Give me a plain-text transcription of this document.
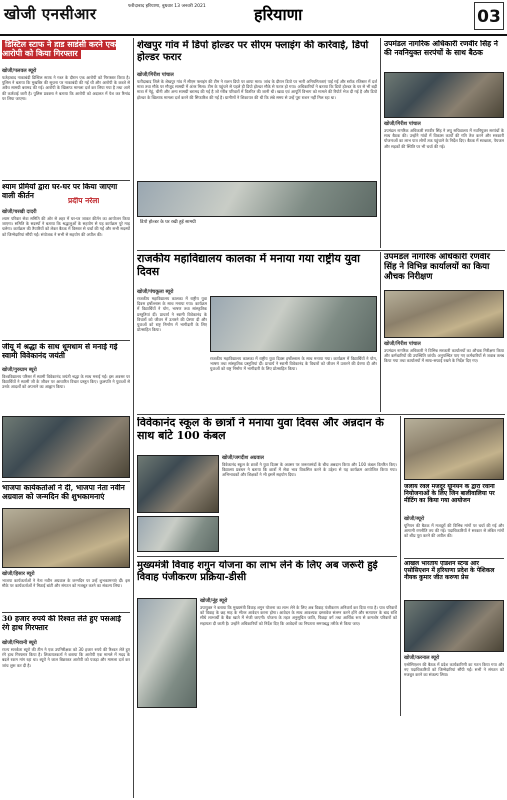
खोजी एनसीआर	फरीदाबाद हरियाणा, बुधवार 13 जनवरी 2021	हरियाणा	03
डिस्टिल स्टाफ ने हाइ साइंसी करने एक आरोपी को किया गिरफ्तार
खोजी/पलवल ब्यूरो
फतेहाबाद नाकाबंदी डिस्टिल स्टाफ ने गश्त के दौरान एक आरोपी को गिरफ्तार किया है। पुलिस ने बताया कि मुखबिर की सूचना पर नाकाबंदी की गई थी और आरोपी के कब्जे से अवैध सामग्री बरामद की गई। आरोपी के खिलाफ मामला दर्ज कर लिया गया है तथा आगे की कार्रवाई जारी है। पुलिस प्रवक्ता ने बताया कि आरोपी को अदालत में पेश कर रिमांड पर लिया जाएगा।
श्याम प्रेमियों द्वारा घर-घर पर किया जाएगा वाली कीर्तन
प्रदीप नरेला
खोजी/चरखी दादरी
श्याम परिवार सेवा समिति की ओर से शहर में घर-घर जाकर कीर्तन का आयोजन किया जाएगा। समिति के सदस्यों ने बताया कि श्रद्धालुओं के सहयोग से यह कार्यक्रम पूरे माह चलेगा। कार्यक्रम की तैयारियों को लेकर बैठक में विस्तार से चर्चा की गई और सभी सदस्यों को जिम्मेदारियां सौंपी गईं। संयोजक ने सभी से सहयोग की अपील की।
जीयू में श्रद्धा के साथ धूमधाम से मनाई गई स्वामी विवेकानंद जयंती
खोजी/गुरुग्राम ब्यूरो
विश्वविद्यालय परिसर में स्वामी विवेकानंद जयंती श्रद्धा के साथ मनाई गई। इस अवसर पर विद्यार्थियों ने स्वामी जी के जीवन पर आधारित विचार प्रस्तुत किए। कुलपति ने युवाओं से उनके आदर्शों को अपनाने का आह्वान किया।
भाजपा कार्यकर्ताओं ने दी, भाजपा नेता नवीन अग्रवाल को जन्मदिन की शुभकामनाएं
खोजी/हिसार ब्यूरो
भाजपा कार्यकर्ताओं ने नेता नवीन अग्रवाल के जन्मदिन पर उन्हें शुभकामनाएं दीं। इस मौके पर कार्यकर्ताओं ने मिठाई बांटी और संगठन को मजबूत करने का संकल्प लिया।
30 हजार रुपये की रिश्वत लेते हुए पसआई रंगे हाथ गिरफ्तार
खोजी/भिवानी ब्यूरो
राज्य सतर्कता ब्यूरो की टीम ने एक उपनिरीक्षक को 30 हजार रुपये की रिश्वत लेते हुए रंगे हाथ गिरफ्तार किया है। शिकायतकर्ता ने बताया कि आरोपी एक मामले में मदद के बदले रकम मांग रहा था। ब्यूरो ने जाल बिछाकर आरोपी को पकड़ा और मामला दर्ज कर जांच शुरू कर दी है।
शेखपुर गांव में डिपो होल्डर पर सीएम फ्लाइंग की कार्रवाई, डिपो होल्डर फरार
खोजी/गिरीश पांचाल
फरीदाबाद जिले के शेखपुर गांव में सीएम फ्लाइंग की टीम ने राशन डिपो पर छापा मारा। जांच के दौरान डिपो पर भारी अनियमितताएं पाई गईं और स्टॉक रजिस्टर में दर्ज मात्रा तथा मौके पर मौजूद सामग्री में अंतर मिला। टीम के पहुंचने से पहले ही डिपो होल्डर मौके से फरार हो गया। अधिकारियों ने बताया कि डिपो होल्डर के घर से भी बड़ी मात्रा में गेहूं, चीनी और अन्य सामग्री बरामद की गई है जो गरीब परिवारों में वितरित की जानी थी। खाद्य एवं आपूर्ति विभाग को मामले की रिपोर्ट भेज दी गई है और डिपो होल्डर के खिलाफ मामला दर्ज करने की सिफारिश की गई है। ग्रामीणों ने शिकायत की थी कि लंबे समय से उन्हें पूरा राशन नहीं मिल रहा था।
डिपो होल्डर के घर रखी हुई सामग्री
उपमंडल नागरिक अधिकारी रणवीर सिंह ने की नवनियुक्त सरपंचों के साथ बैठक
खोजी/गिरीश पांचाल
उपमंडल नागरिक अधिकारी रणवीर सिंह ने लघु सचिवालय में नवनियुक्त सरपंचों के साथ बैठक की। उन्होंने गांवों में विकास कार्यों की गति तेज करने और सरकारी योजनाओं का लाभ पात्र लोगों तक पहुंचाने के निर्देश दिए। बैठक में स्वच्छता, पेयजल और सड़कों की स्थिति पर भी चर्चा की गई।
राजकीय महाविद्यालय कालका में मनाया गया राष्ट्रीय युवा दिवस
खोजी/पंचकूला ब्यूरो
राजकीय महाविद्यालय कालका में राष्ट्रीय युवा दिवस हर्षोल्लास के साथ मनाया गया। कार्यक्रम में विद्यार्थियों ने योग, भाषण तथा सांस्कृतिक प्रस्तुतियां दीं। प्राचार्य ने स्वामी विवेकानंद के विचारों को जीवन में उतारने की प्रेरणा दी और युवाओं को राष्ट्र निर्माण में भागीदारी के लिए प्रोत्साहित किया।
राजकीय महाविद्यालय कालका में राष्ट्रीय युवा दिवस हर्षोल्लास के साथ मनाया गया। कार्यक्रम में विद्यार्थियों ने योग, भाषण तथा सांस्कृतिक प्रस्तुतियां दीं। प्राचार्य ने स्वामी विवेकानंद के विचारों को जीवन में उतारने की प्रेरणा दी और युवाओं को राष्ट्र निर्माण में भागीदारी के लिए प्रोत्साहित किया।
उपमंडल नागरिक अधिकारी रणवीर सिंह ने विभिन्न कार्यालयों का किया औचक निरीक्षण
खोजी/गिरीश पांचाल
उपमंडल नागरिक अधिकारी ने विभिन्न सरकारी कार्यालयों का औचक निरीक्षण किया और कर्मचारियों की उपस्थिति जांची। अनुपस्थित पाए गए कर्मचारियों से जवाब तलब किया गया तथा कार्यालयों में साफ-सफाई रखने के निर्देश दिए गए।
विवेकानंद स्कूल के छात्रों ने मनाया युवा दिवस और अन्नदान के साथ बांटे 100 कंबल
खोजी/जगदीश अग्रवाल
विवेकानंद स्कूल के छात्रों ने युवा दिवस के अवसर पर जरूरतमंदों के बीच अन्नदान किया और 100 कंबल वितरित किए। विद्यालय प्रबंधन ने बताया कि छात्रों में सेवा भाव विकसित करने के उद्देश्य से यह कार्यक्रम आयोजित किया गया। अभिभावकों और शिक्षकों ने भी इसमें सहयोग दिया।
जलीय रेवले मजदूर यूनियन के द्वारा रवानी नियोजनाओं के लिए जिन बालीवालिया पर मीटिंग का किया गया आयोजन
खोजी/ब्यूरो
यूनियन की बैठक में मजदूरों की विभिन्न मांगों पर चर्चा की गई और आगामी रणनीति तय की गई। पदाधिकारियों ने सरकार से लंबित मांगों को शीघ्र पूरा करने की अपील की।
मुख्यमंत्री विवाह शगुन योजना का लाभ लेने के लिए अब जरूरी हुई विवाह पंजीकरण प्रक्रिया-डीसी
खोजी/नूंह ब्यूरो
उपायुक्त ने बताया कि मुख्यमंत्री विवाह शगुन योजना का लाभ लेने के लिए अब विवाह पंजीकरण अनिवार्य कर दिया गया है। पात्र परिवारों को विवाह के छह माह के भीतर आवेदन करना होगा। आवेदन के साथ आवश्यक दस्तावेज संलग्न करने होंगे और सत्यापन के बाद राशि सीधे लाभार्थी के बैंक खाते में भेजी जाएगी। योजना के तहत अनुसूचित जाति, पिछड़ा वर्ग तथा आर्थिक रूप से कमजोर परिवारों को सहायता दी जाती है। उन्होंने अधिकारियों को निर्देश दिए कि आवेदनों का निपटारा समयबद्ध तरीके से किया जाए।
अखिल भारतीय ऐडिशन स्टैन्ड और एसोसिएशन में हरियाणा प्रदेश के पेशिकल नीयक कुमार जीत करुणा प्रेस
खोजी/करनाल ब्यूरो
एसोसिएशन की बैठक में प्रदेश कार्यकारिणी का गठन किया गया और नए पदाधिकारियों को जिम्मेदारियां सौंपी गईं। सभी ने संगठन को मजबूत करने का संकल्प लिया।
